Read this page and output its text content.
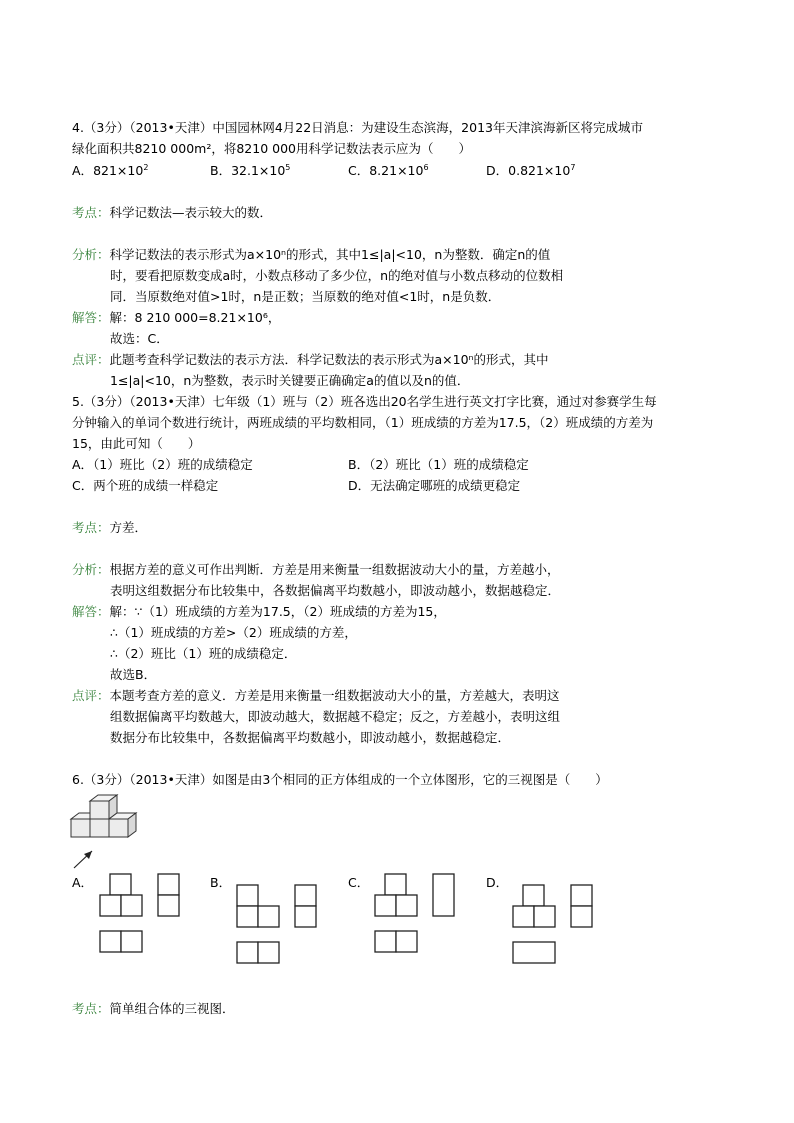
4.（3分）（2013•天津）中国园林网4月22日消息：为建设生态滨海，2013年天津滨海新区将完成城市
绿化面积共8210 000m²，将8210 000用科学记数法表示应为（　　）
A．$821\times 10^2$	B．$32.1\times 10^5$	C．$8.21\times 10^6$	D．$0.821\times 10^7$
考点：科学记数法—表示较大的数．
分析：科学记数法的表示形式为a×10ⁿ的形式，其中1≤|a|<10，n为整数．确定n的值
时，要看把原数变成a时，小数点移动了多少位，n的绝对值与小数点移动的位数相
同．当原数绝对值>1时，n是正数；当原数的绝对值<1时，n是负数．
解答：解：8 210 000=8.21×10⁶，
故选：C．
点评：此题考查科学记数法的表示方法．科学记数法的表示形式为a×10ⁿ的形式，其中
1≤|a|<10，n为整数，表示时关键要正确确定a的值以及n的值．
5.（3分）（2013•天津）七年级（1）班与（2）班各选出20名学生进行英文打字比赛，通过对参赛学生每
分钟输入的单词个数进行统计，两班成绩的平均数相同，（1）班成绩的方差为17.5，（2）班成绩的方差为
15，由此可知（　　）
A．（1）班比（2）班的成绩稳定	B．（2）班比（1）班的成绩稳定
C．两个班的成绩一样稳定	D．无法确定哪班的成绩更稳定
考点：方差．
分析：根据方差的意义可作出判断．方差是用来衡量一组数据波动大小的量，方差越小，
表明这组数据分布比较集中，各数据偏离平均数越小，即波动越小，数据越稳定．
解答：解：∵（1）班成绩的方差为17.5，（2）班成绩的方差为15，
∴（1）班成绩的方差>（2）班成绩的方差，
∴（2）班比（1）班的成绩稳定．
故选B．
点评：本题考查方差的意义．方差是用来衡量一组数据波动大小的量，方差越大，表明这
组数据偏离平均数越大，即波动越大，数据越不稳定；反之，方差越小，表明这组
数据分布比较集中，各数据偏离平均数越小，即波动越小，数据越稳定．
6.（3分）（2013•天津）如图是由3个相同的正方体组成的一个立体图形，它的三视图是（　　）
A．	B．	C．	D．
考点：简单组合体的三视图．
